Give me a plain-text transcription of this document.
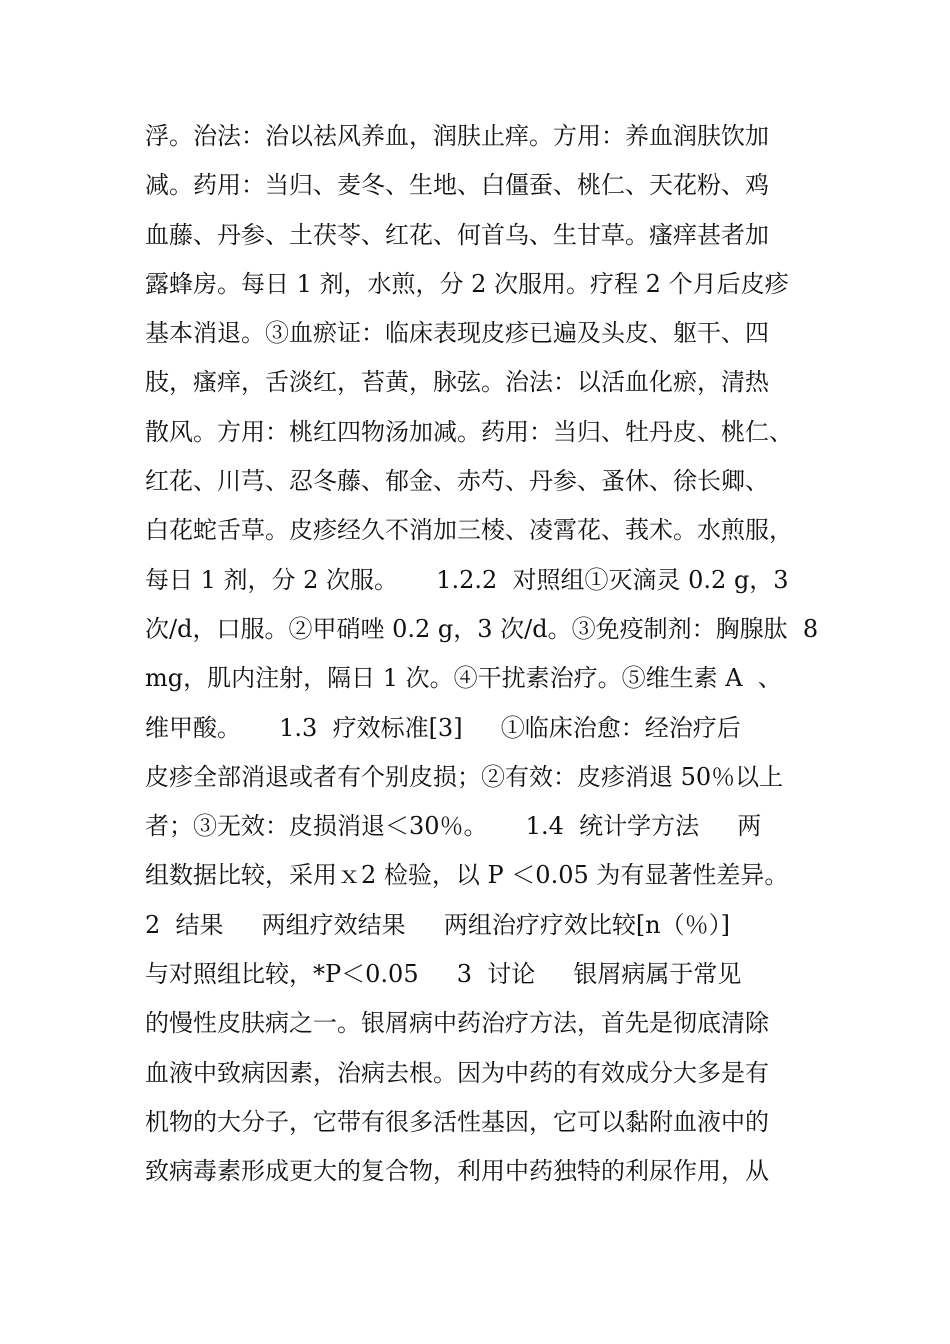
浮。治法：治以祛风养血，润肤止痒。方用：养血润肤饮加
减。药用：当归、麦冬、生地、白僵蚕、桃仁、天花粉、鸡
血藤、丹参、土茯苓、红花、何首乌、生甘草。瘙痒甚者加
露蜂房。每日 1 剂，水煎，分 2 次服用。疗程 2 个月后皮疹
基本消退。③血瘀证：临床表现皮疹已遍及头皮、躯干、四
肢，瘙痒，舌淡红，苔黄，脉弦。治法：以活血化瘀，清热
散风。方用：桃红四物汤加减。药用：当归、牡丹皮、桃仁、
红花、川芎、忍冬藤、郁金、赤芍、丹参、蚤休、徐长卿、
白花蛇舌草。皮疹经久不消加三棱、凌霄花、莪术。水煎服，
每日 1 剂，分 2 次服。     1.2.2  对照组①灭滴灵 0.2 g，3
次/d，口服。②甲硝唑 0.2 g，3 次/d。③免疫制剂：胸腺肽  8
mg，肌内注射，隔日 1 次。④干扰素治疗。⑤维生素 A  、
维甲酸。     1.3  疗效标准[3]     ①临床治愈：经治疗后
皮疹全部消退或者有个别皮损；②有效：皮疹消退 50％以上
者；③无效：皮损消退＜30％。     1.4  统计学方法     两
组数据比较，采用ｘ2 检验，以 P ＜0.05 为有显著性差异。
2  结果     两组疗效结果     两组治疗疗效比较[n（％）]
与对照组比较，*P＜0.05     3  讨论     银屑病属于常见
的慢性皮肤病之一。银屑病中药治疗方法，首先是彻底清除
血液中致病因素，治病去根。因为中药的有效成分大多是有
机物的大分子，它带有很多活性基因，它可以黏附血液中的
致病毒素形成更大的复合物，利用中药独特的利尿作用，从
